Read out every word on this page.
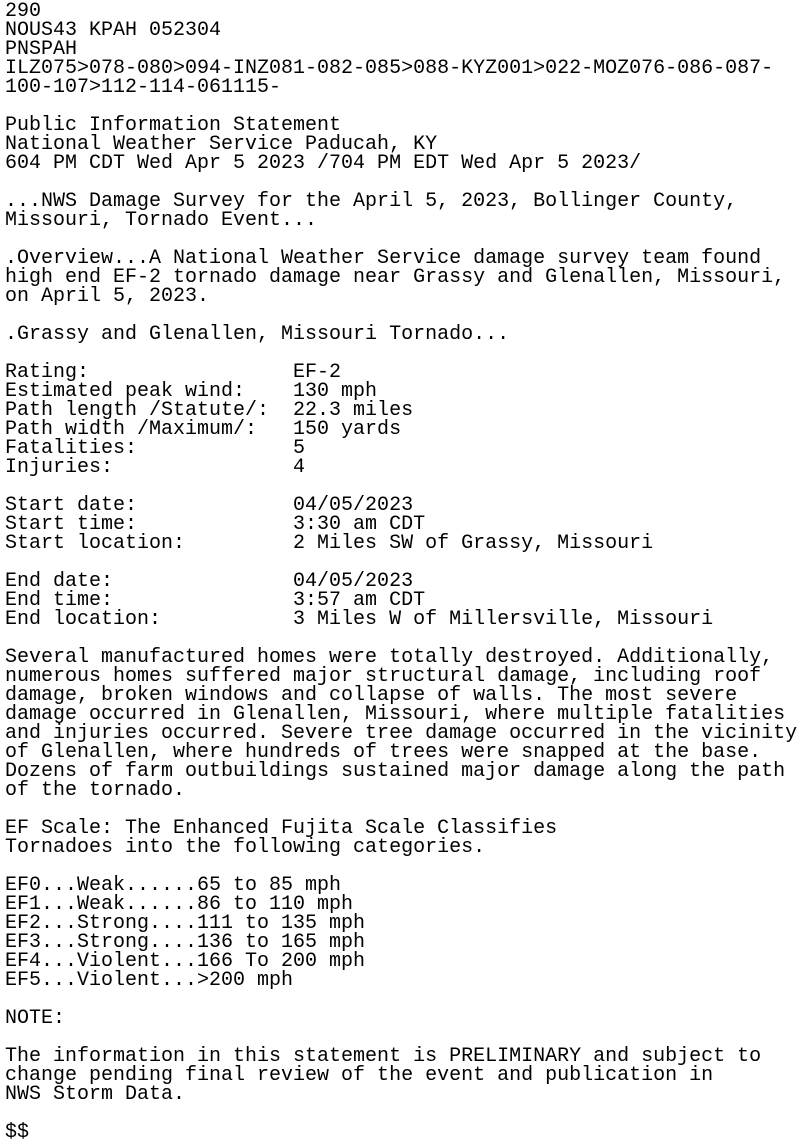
290
NOUS43 KPAH 052304
PNSPAH
ILZ075>078-080>094-INZ081-082-085>088-KYZ001>022-MOZ076-086-087-
100-107>112-114-061115-
Public Information Statement
National Weather Service Paducah, KY
604 PM CDT Wed Apr 5 2023 /704 PM EDT Wed Apr 5 2023/
...NWS Damage Survey for the April 5, 2023, Bollinger County,
Missouri, Tornado Event...
.Overview...A National Weather Service damage survey team found
high end EF-2 tornado damage near Grassy and Glenallen, Missouri,
on April 5, 2023.
.Grassy and Glenallen, Missouri Tornado...
Rating:                 EF-2
Estimated peak wind:    130 mph
Path length /Statute/:  22.3 miles
Path width /Maximum/:   150 yards
Fatalities:             5
Injuries:               4
Start date:             04/05/2023
Start time:             3:30 am CDT
Start location:         2 Miles SW of Grassy, Missouri
End date:               04/05/2023
End time:               3:57 am CDT
End location:           3 Miles W of Millersville, Missouri
Several manufactured homes were totally destroyed. Additionally,
numerous homes suffered major structural damage, including roof
damage, broken windows and collapse of walls. The most severe
damage occurred in Glenallen, Missouri, where multiple fatalities
and injuries occurred. Severe tree damage occurred in the vicinity
of Glenallen, where hundreds of trees were snapped at the base.
Dozens of farm outbuildings sustained major damage along the path
of the tornado.
EF Scale: The Enhanced Fujita Scale Classifies
Tornadoes into the following categories.
EF0...Weak......65 to 85 mph
EF1...Weak......86 to 110 mph
EF2...Strong....111 to 135 mph
EF3...Strong....136 to 165 mph
EF4...Violent...166 To 200 mph
EF5...Violent...>200 mph
NOTE:
The information in this statement is PRELIMINARY and subject to
change pending final review of the event and publication in
NWS Storm Data.
$$
